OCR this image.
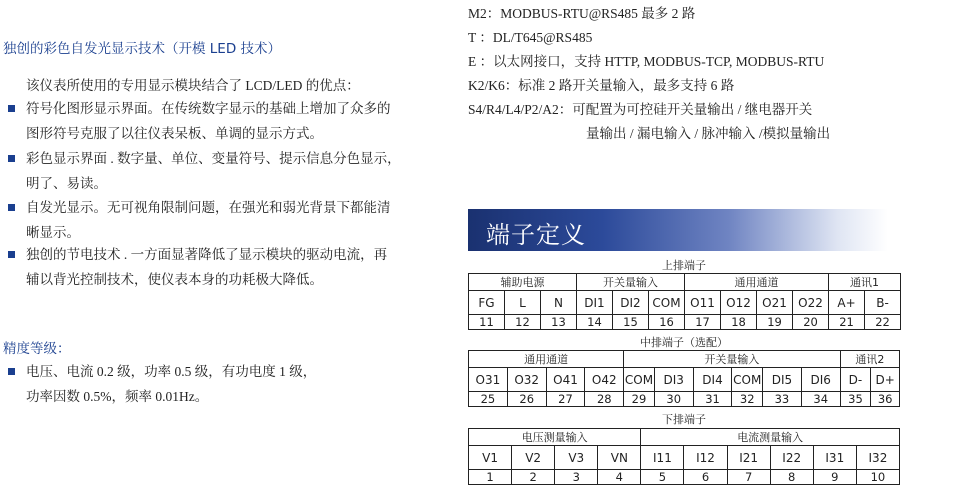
独创的彩色自发光显示技术（开模 LED 技术）
该仪表所使用的专用显示模块结合了 LCD/LED 的优点：
符号化图形显示界面。在传统数字显示的基础上增加了众多的
图形符号克服了以往仪表呆板、单调的显示方式。
彩色显示界面 . 数字量、单位、变量符号、提示信息分色显示，
明了、易读。
自发光显示。无可视角限制问题，在强光和弱光背景下都能清
晰显示。
独创的节电技术 . 一方面显著降低了显示模块的驱动电流，再
辅以背光控制技术，使仪表本身的功耗极大降低。
精度等级：
电压、电流 0.2 级，功率 0.5 级，有功电度 1 级，
功率因数 0.5%，频率 0.01Hz。
M2：MODBUS-RTU@RS485 最多 2 路
T ：DL/T645@RS485
E ：以太网接口，支持 HTTP, MODBUS-TCP, MODBUS-RTU
K2/K6：标准 2 路开关量输入，最多支持 6 路
S4/R4/L4/P2/A2：可配置为可控硅开关量输出 / 继电器开关
量输出 / 漏电输入 / 脉冲输入 /模拟量输出
端子定义
上排端子
辅助电源			开关量输入			通用通道				通讯1	
FG	L	N	DI1	DI2	COM	O11	O12	O21	O22	A+	B-
11	12	13	14	15	16	17	18	19	20	21	22
中排端子（选配）
通用通道				开关量输入						通讯2	
O31	O32	O41	O42	COM	DI3	DI4	COM	DI5	DI6	D-	D+
25	26	27	28	29	30	31	32	33	34	35	36
下排端子
电压测量输入				电流测量输入					
V1	V2	V3	VN	I11	I12	I21	I22	I31	I32
1	2	3	4	5	6	7	8	9	10
